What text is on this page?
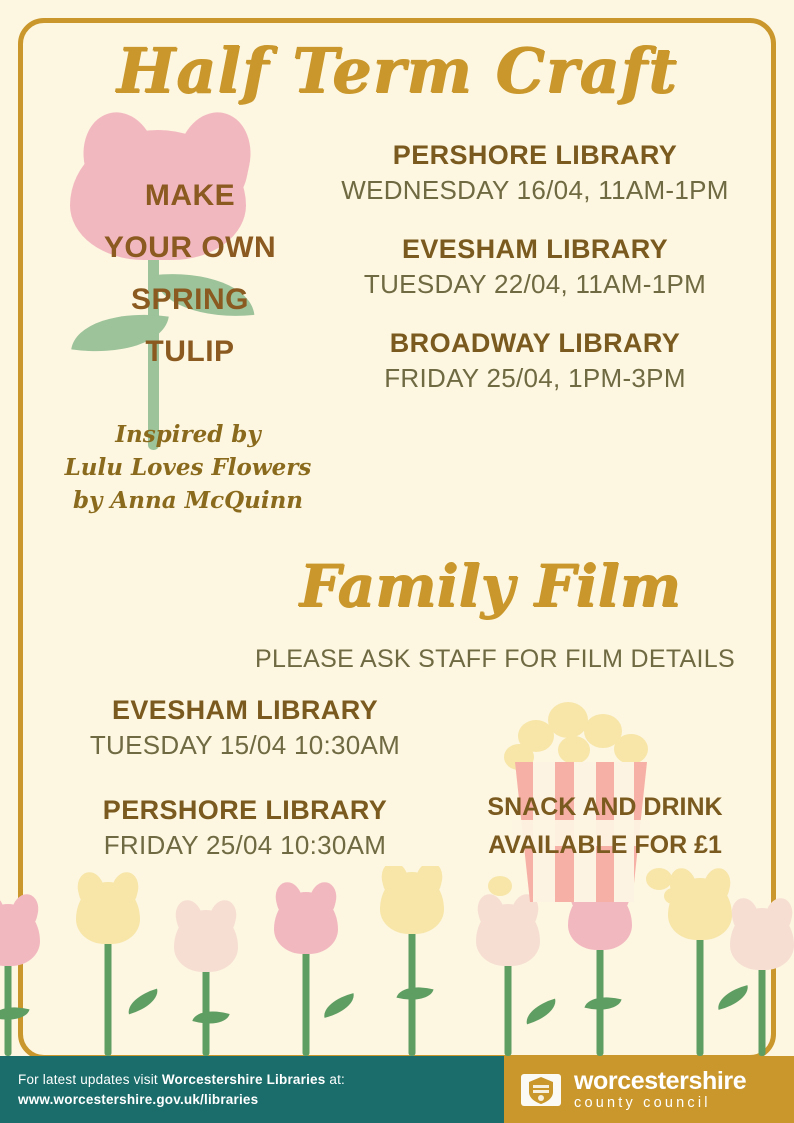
Half Term Craft
MAKE
YOUR OWN
SPRING
TULIP
Inspired by
Lulu Loves Flowers
by Anna McQuinn
PERSHORE LIBRARY
WEDNESDAY 16/04, 11AM-1PM
EVESHAM LIBRARY
TUESDAY 22/04, 11AM-1PM
BROADWAY LIBRARY
FRIDAY 25/04, 1PM-3PM
Family Film
PLEASE ASK STAFF FOR FILM DETAILS
EVESHAM LIBRARY
TUESDAY 15/04 10:30AM
PERSHORE LIBRARY
FRIDAY 25/04 10:30AM
SNACK AND DRINK
AVAILABLE FOR £1
For latest updates visit Worcestershire Libraries at:
www.worcestershire.gov.uk/libraries
worcestershire
county council
